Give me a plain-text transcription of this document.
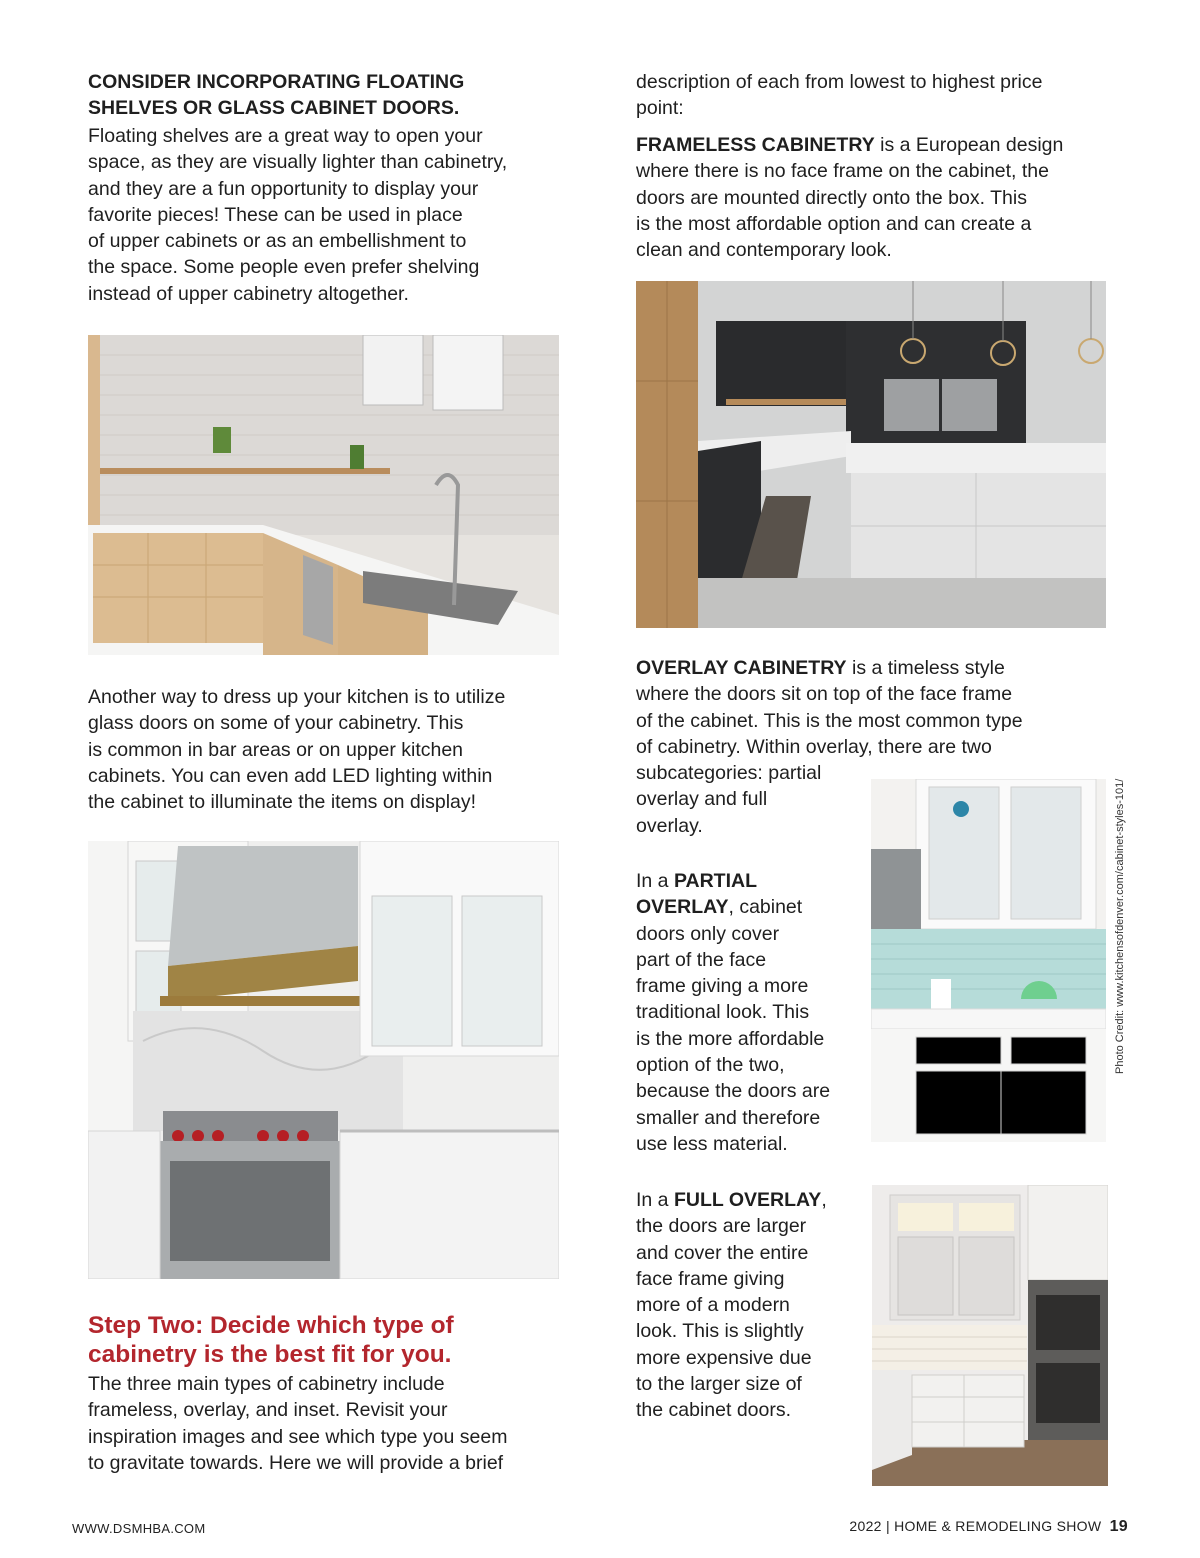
CONSIDER INCORPORATING FLOATING
SHELVES OR GLASS CABINET DOORS.
Floating shelves are a great way to open your
space, as they are visually lighter than cabinetry,
and they are a fun opportunity to display your
favorite pieces! These can be used in place
of upper cabinets or as an embellishment to
the space. Some people even prefer shelving
instead of upper cabinetry altogether.
Another way to dress up your kitchen is to utilize
glass doors on some of your cabinetry. This
is common in bar areas or on upper kitchen
cabinets. You can even add LED lighting within
the cabinet to illuminate the items on display!
Step Two: Decide which type of
cabinetry is the best fit for you.
The three main types of cabinetry include
frameless, overlay, and inset. Revisit your
inspiration images and see which type you seem
to gravitate towards. Here we will provide a brief
description of each from lowest to highest price
point:
FRAMELESS CABINETRY is a European design
where there is no face frame on the cabinet, the
doors are mounted directly onto the box. This
is the most affordable option and can create a
clean and contemporary look.
OVERLAY CABINETRY is a timeless style
where the doors sit on top of the face frame
of the cabinet. This is the most common type
of cabinetry. Within overlay, there are two
subcategories: partial
overlay and full
overlay.
In a PARTIAL
OVERLAY, cabinet
doors only cover
part of the face
frame giving a more
traditional look. This
is the more affordable
option of the two,
because the doors are
smaller and therefore
use less material.
In a FULL OVERLAY,
the doors are larger
and cover the entire
face frame giving
more of a modern
look. This is slightly
more expensive due
to the larger size of
the cabinet doors.
Photo Credit: www.kitchensofdenver.com/cabinet-styles-101/
WWW.DSMHBA.COM	2022 | HOME & REMODELING SHOW 19
